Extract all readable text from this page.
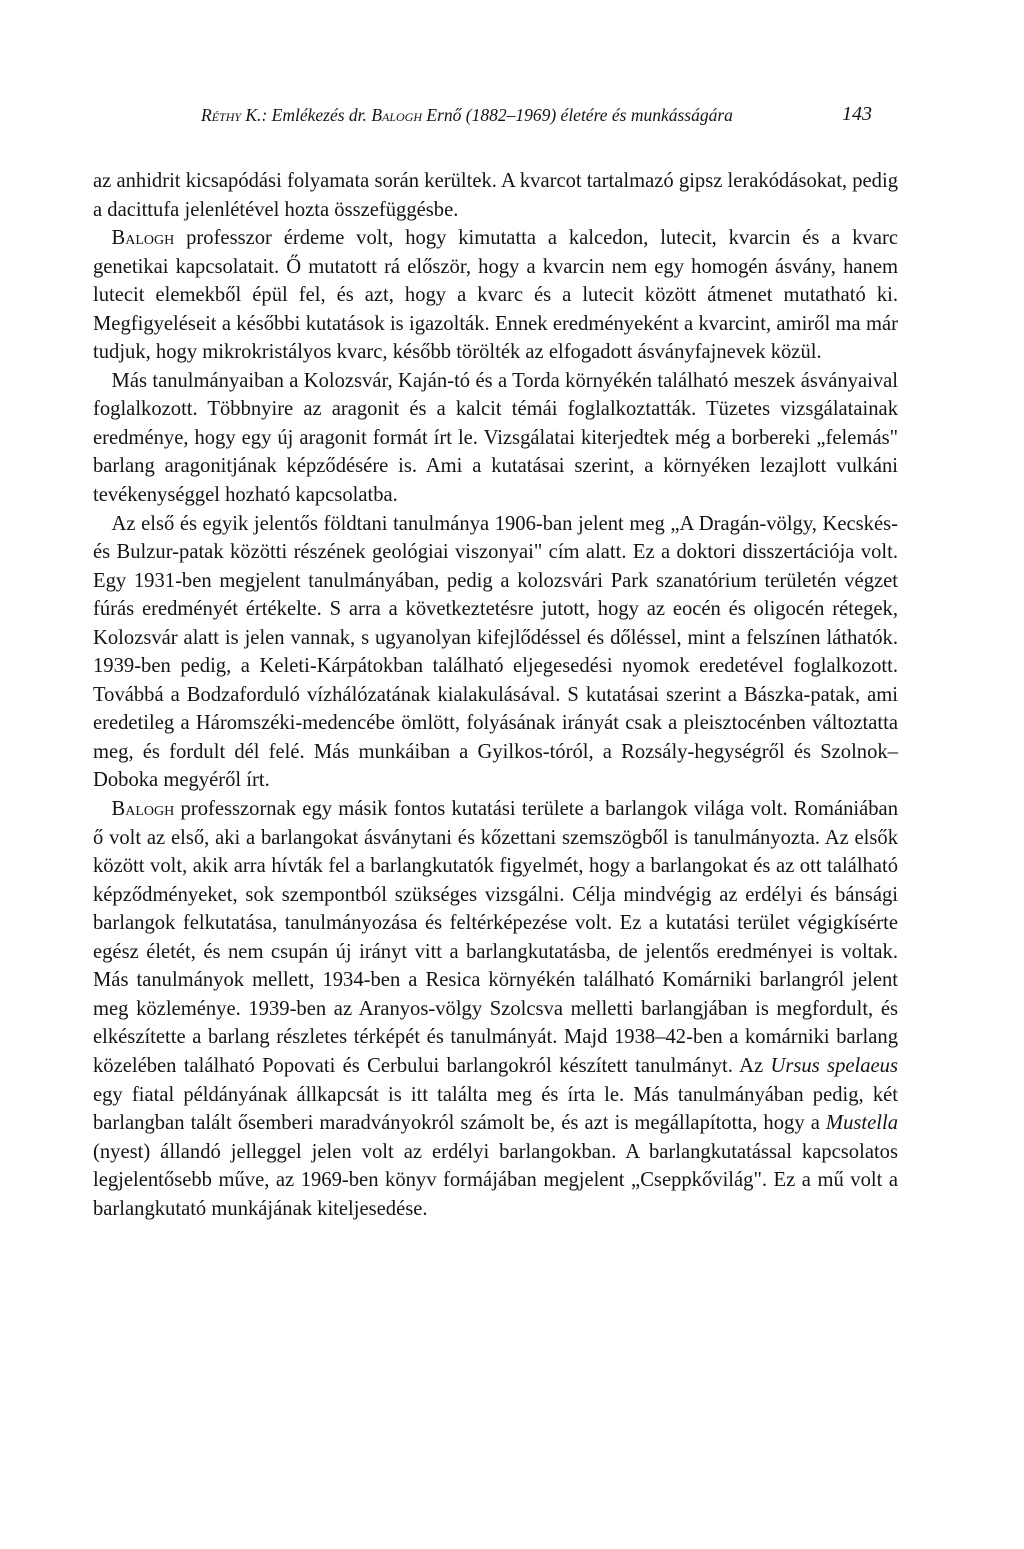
Réthy K.: Emlékezés dr. Balogh Ernő (1882–1969) életére és munkásságára	143

az anhidrit kicsapódási folyamata során kerültek. A kvarcot tartalmazó gipsz lerakódásokat, pedig a dacittufa jelenlétével hozta összefüggésbe.

Balogh professzor érdeme volt, hogy kimutatta a kalcedon, lutecit, kvarcin és a kvarc genetikai kapcsolatait. Ő mutatott rá először, hogy a kvarcin nem egy homogén ásvány, hanem lutecit elemekből épül fel, és azt, hogy a kvarc és a lutecit között átmenet mutatható ki. Megfigyeléseit a későbbi kutatások is igazolták. Ennek eredményeként a kvarcint, amiről ma már tudjuk, hogy mikrokristályos kvarc, később törölték az elfogadott ásványfajnevek közül.

Más tanulmányaiban a Kolozsvár, Kaján-tó és a Torda környékén található meszek ásványaival foglalkozott. Többnyire az aragonit és a kalcit témái foglalkoztatták. Tüzetes vizsgálatainak eredménye, hogy egy új aragonit formát írt le. Vizsgálatai kiterjedtek még a borbereki „felemás" barlang aragonitjának képződésére is. Ami a kutatásai szerint, a környéken lezajlott vulkáni tevékenységgel hozható kapcsolatba.

Az első és egyik jelentős földtani tanulmánya 1906-ban jelent meg „A Dragán-völgy, Kecskés- és Bulzur-patak közötti részének geológiai viszonyai" cím alatt. Ez a doktori disszertációja volt. Egy 1931-ben megjelent tanulmányában, pedig a kolozsvári Park szanatórium területén végzet fúrás eredményét értékelte. S arra a következtetésre jutott, hogy az eocén és oligocén rétegek, Kolozsvár alatt is jelen vannak, s ugyanolyan kifejlődéssel és dőléssel, mint a felszínen láthatók. 1939-ben pedig, a Keleti-Kárpátokban található eljegesedési nyomok eredetével foglalkozott. Továbbá a Bodzaforduló vízhálózatának kialakulásával. S kutatásai szerint a Bászka-patak, ami eredetileg a Háromszéki-medencébe ömlött, folyásának irányát csak a pleisztocénben változtatta meg, és fordult dél felé. Más munkáiban a Gyilkos-tóról, a Rozsály-hegységről és Szolnok–Doboka megyéről írt.

Balogh professzornak egy másik fontos kutatási területe a barlangok világa volt. Romániában ő volt az első, aki a barlangokat ásványtani és kőzettani szemszögből is tanulmányozta. Az elsők között volt, akik arra hívták fel a barlangkutatók figyelmét, hogy a barlangokat és az ott található képződményeket, sok szempontból szükséges vizsgálni. Célja mindvégig az erdélyi és bánsági barlangok felkutatása, tanulmányozása és feltérképezése volt. Ez a kutatási terület végigkísérte egész életét, és nem csupán új irányt vitt a barlangkutatásba, de jelentős eredményei is voltak. Más tanulmányok mellett, 1934-ben a Resica környékén található Komárniki barlangról jelent meg közleménye. 1939-ben az Aranyos-völgy Szolcsva melletti barlangjában is megfordult, és elkészítette a barlang részletes térképét és tanulmányát. Majd 1938–42-ben a komárniki barlang közelében található Popovati és Cerbului barlangokról készített tanulmányt. Az Ursus spelaeus egy fiatal példányának állkapcsát is itt találta meg és írta le. Más tanulmányában pedig, két barlangban talált ősemberi maradványokról számolt be, és azt is megállapította, hogy a Mustella (nyest) állandó jelleggel jelen volt az erdélyi barlangokban. A barlangkutatással kapcsolatos legjelentősebb műve, az 1969-ben könyv formájában megjelent „Cseppkővilág". Ez a mű volt a barlangkutató munkájának kiteljesedése.
